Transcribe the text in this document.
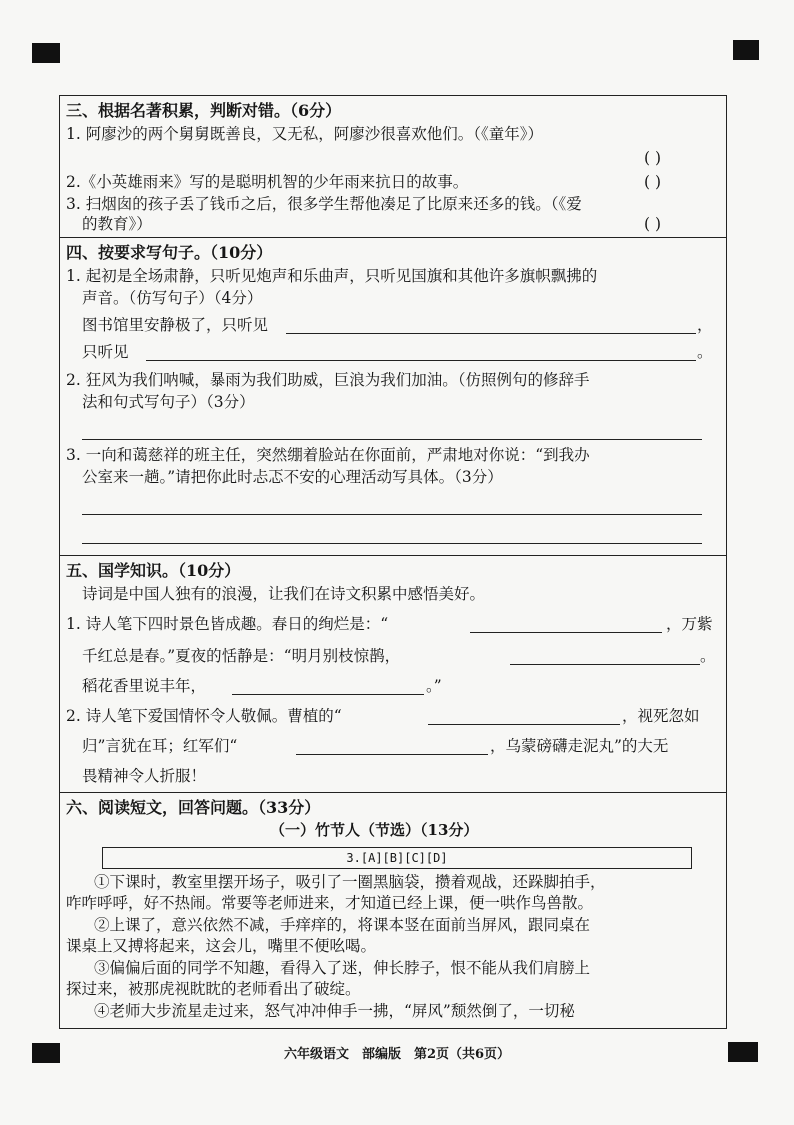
三、根据名著积累，判断对错。（6分）
1. 阿廖沙的两个舅舅既善良，又无私，阿廖沙很喜欢他们。（《童年》）
( )
2.《小英雄雨来》写的是聪明机智的少年雨来抗日的故事。	( )
3. 扫烟囱的孩子丢了钱币之后，很多学生帮他凑足了比原来还多的钱。（《爱
的教育》）	( )
四、按要求写句子。（10分）
1. 起初是全场肃静，只听见炮声和乐曲声，只听见国旗和其他许多旗帜飘拂的
声音。（仿写句子）（4分）
图书馆里安静极了，只听见	，
只听见	。
2. 狂风为我们呐喊，暴雨为我们助威，巨浪为我们加油。（仿照例句的修辞手
法和句式写句子）（3分）
3. 一向和蔼慈祥的班主任，突然绷着脸站在你面前，严肃地对你说：“到我办
公室来一趟。”请把你此时忐忑不安的心理活动写具体。（3分）
五、国学知识。（10分）
诗词是中国人独有的浪漫，让我们在诗文积累中感悟美好。
1. 诗人笔下四时景色皆成趣。春日的绚烂是：“	，万紫
千红总是春。”夏夜的恬静是：“明月别枝惊鹊，	。
稻花香里说丰年，	。”
2. 诗人笔下爱国情怀令人敬佩。曹植的“	，视死忽如
归”言犹在耳；红军们“	，乌蒙磅礴走泥丸”的大无
畏精神令人折服！
六、阅读短文，回答问题。（33分）
（一）竹节人（节选）（13分）
3.[A][B][C][D]
①下课时，教室里摆开场子，吸引了一圈黑脑袋，攒着观战，还跺脚拍手，
咋咋呼呼，好不热闹。常要等老师进来，才知道已经上课，便一哄作鸟兽散。
②上课了，意兴依然不减，手痒痒的，将课本竖在面前当屏风，跟同桌在
课桌上又搏将起来，这会儿，嘴里不便吆喝。
③偏偏后面的同学不知趣，看得入了迷，伸长脖子，恨不能从我们肩膀上
探过来，被那虎视眈眈的老师看出了破绽。
④老师大步流星走过来，怒气冲冲伸手一拂，“屏风”颓然倒了，一切秘
六年级语文　部编版　第2页（共6页）
